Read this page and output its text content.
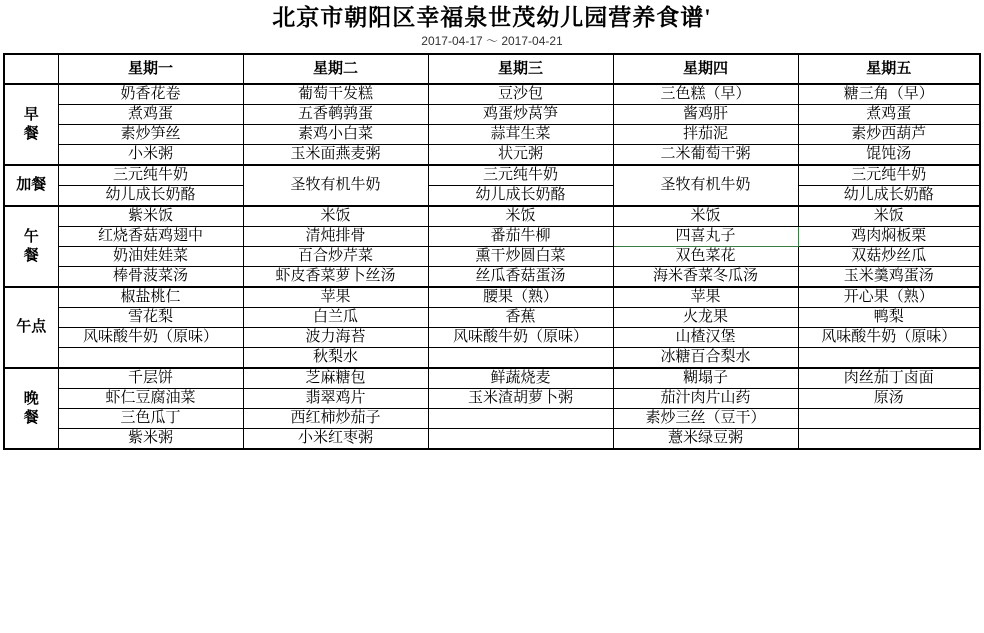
北京市朝阳区幸福泉世茂幼儿园营养食谱'
2017-04-17 ～ 2017-04-21
	星期一	星期二	星期三	星期四	星期五

早
餐	奶香花卷	葡萄干发糕	豆沙包	三色糕（早）	糖三角（早）
	煮鸡蛋	五香鹌鹑蛋	鸡蛋炒莴笋	酱鸡肝	煮鸡蛋
	素炒笋丝	素鸡小白菜	蒜茸生菜	拌茄泥	素炒西葫芦
	小米粥	玉米面燕麦粥	状元粥	二米葡萄干粥	馄饨汤

加餐	三元纯牛奶	圣牧有机牛奶	三元纯牛奶	圣牧有机牛奶	三元纯牛奶
	幼儿成长奶酪		幼儿成长奶酪		幼儿成长奶酪

午
餐	紫米饭	米饭	米饭	米饭	米饭
	红烧香菇鸡翅中	清炖排骨	番茄牛柳	四喜丸子	鸡肉焖板栗
	奶油娃娃菜	百合炒芹菜	熏干炒圆白菜	双色菜花	双菇炒丝瓜
	棒骨菠菜汤	虾皮香菜萝卜丝汤	丝瓜香菇蛋汤	海米香菜冬瓜汤	玉米羹鸡蛋汤

午点	椒盐桃仁	苹果	腰果（熟）	苹果	开心果（熟）
	雪花梨	白兰瓜	香蕉	火龙果	鸭梨
	风味酸牛奶（原味）	波力海苔	风味酸牛奶（原味）	山楂汉堡	风味酸牛奶（原味）
		秋梨水		冰糖百合梨水	

晚
餐	千层饼	芝麻糖包	鲜蔬烧麦	糊塌子	肉丝茄丁卤面
	虾仁豆腐油菜	翡翠鸡片	玉米渣胡萝卜粥	茄汁肉片山药	原汤
	三色瓜丁	西红柿炒茄子		素炒三丝（豆干）	
	紫米粥	小米红枣粥		薏米绿豆粥	
